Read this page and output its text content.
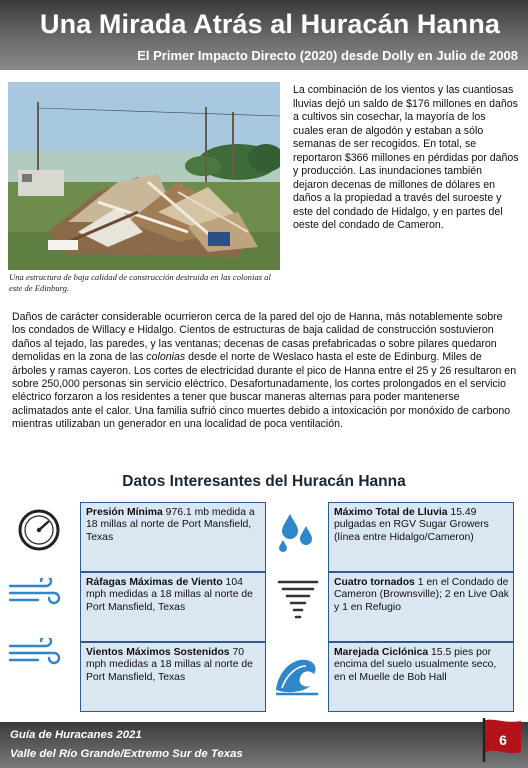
Una Mirada Atrás al Huracán Hanna
El Primer Impacto Directo (2020) desde Dolly en Julio de 2008
Una estructura de baja calidad de construcción destruida en las colonias al este de Edinburg.
La combinación de los vientos y las cuantiosas lluvias dejó un saldo de $176 millones en daños a cultivos sin cosechar, la mayoría de los cuales eran de algodón y estaban a sólo semanas de ser recogidos. En total, se reportaron $366 millones en pérdidas por daños y producción. Las inundaciones también dejaron decenas de millones de dólares en daños a la propiedad a través del suroeste y este del condado de Hidalgo, y en partes del oeste del condado de Cameron.
Daños de carácter considerable ocurrieron cerca de la pared del ojo de Hanna, más notablemente sobre los condados de Willacy e Hidalgo. Cientos de estructuras de baja calidad de construcción sostuvieron daños al tejado, las paredes, y las ventanas; decenas de casas prefabricadas o sobre pilares quedaron demolidas en la zona de las colonias desde el norte de Weslaco hasta el este de Edinburg. Miles de árboles y ramas cayeron. Los cortes de electricidad durante el pico de Hanna entre el 25 y 26 resultaron en sobre 250,000 personas sin servicio eléctrico. Desafortunadamente, los cortes prolongados en el servicio eléctrico forzaron a los residentes a tener que buscar maneras alternas para poder mantenerse aclimatados ante el calor. Una familia sufrió cinco muertes debido a intoxicación por monóxido de carbono mientras utilizaban un generador en una localidad de poca ventilación.
Datos Interesantes del Huracán Hanna
Presión Mínima 976.1 mb medida a 18 millas al norte de Port Mansfield, Texas
Ráfagas Máximas de Viento 104 mph medidas a 18 millas al norte de Port Mansfield, Texas
Vientos Máximos Sostenidos 70 mph medidas a 18 millas al norte de Port Mansfield, Texas
Máximo Total de Lluvia 15.49 pulgadas en RGV Sugar Growers (línea entre Hidalgo/Cameron)
Cuatro tornados 1 en el Condado de Cameron (Brownsville); 2 en Live Oak y 1 en Refugio
Marejada Ciclónica 15.5 pies por encima del suelo usualmente seco, en el Muelle de Bob Hall
Guía de Huracanes 2021
Valle del Río Grande/Extremo Sur de Texas
6
